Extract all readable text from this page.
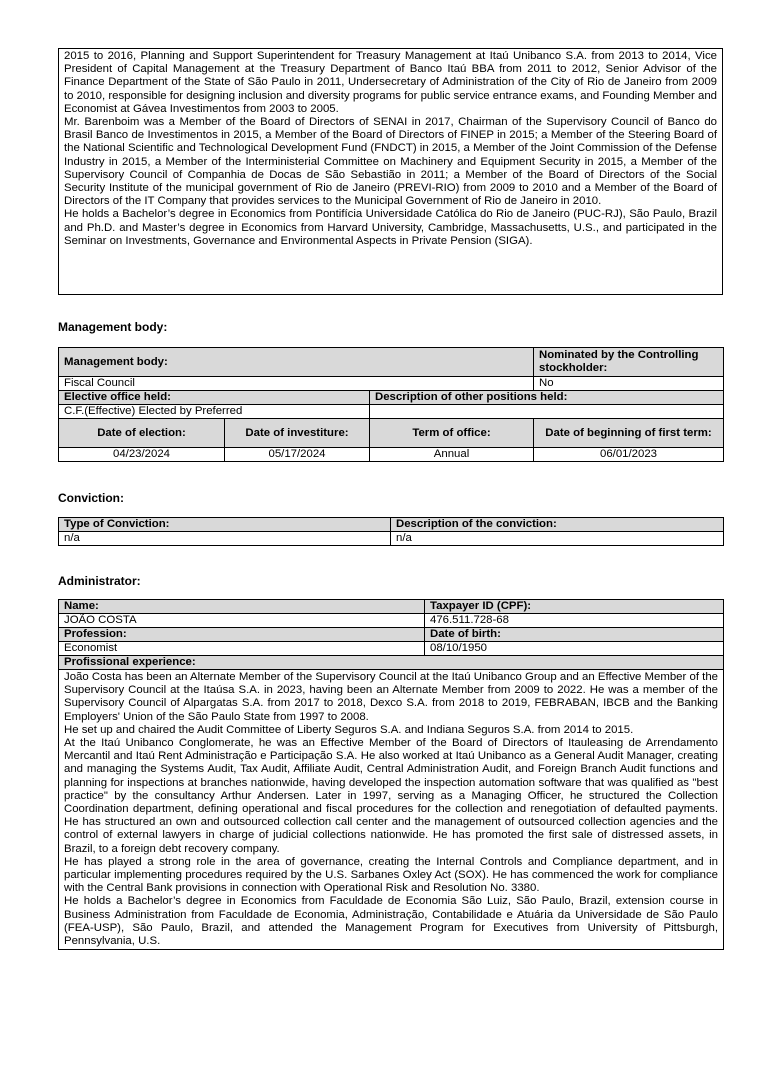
2015 to 2016, Planning and Support Superintendent for Treasury Management at Itaú Unibanco S.A. from 2013 to 2014, Vice President of Capital Management at the Treasury Department of Banco Itaú BBA from 2011 to 2012, Senior Advisor of the Finance Department of the State of São Paulo in 2011, Undersecretary of Administration of the City of Rio de Janeiro from 2009 to 2010, responsible for designing inclusion and diversity programs for public service entrance exams, and Founding Member and Economist at Gávea Investimentos from 2003 to 2005.

Mr. Barenboim was a Member of the Board of Directors of SENAI in 2017, Chairman of the Supervisory Council of Banco do Brasil Banco de Investimentos in 2015, a Member of the Board of Directors of FINEP in 2015; a Member of the Steering Board of the National Scientific and Technological Development Fund (FNDCT) in 2015, a Member of the Joint Commission of the Defense Industry in 2015, a Member of the Interministerial Committee on Machinery and Equipment Security in 2015, a Member of the Supervisory Council of Companhia de Docas de São Sebastião in 2011; a Member of the Board of Directors of the Social Security Institute of the municipal government of Rio de Janeiro (PREVI-RIO) from 2009 to 2010 and a Member of the Board of Directors of the IT Company that provides services to the Municipal Government of Rio de Janeiro in 2010.

He holds a Bachelor’s degree in Economics from Pontifícia Universidade Católica do Rio de Janeiro (PUC-RJ), São Paulo, Brazil and Ph.D. and Master’s degree in Economics from Harvard University, Cambridge, Massachusetts, U.S., and participated in the Seminar on Investments, Governance and Environmental Aspects in Private Pension (SIGA).

Management body:
Management body:			Nominated by the Controlling stockholder:
Fiscal Council			No
Elective office held:		Description of other positions held:	
C.F.(Effective) Elected by Preferred			
Date of election:	Date of investiture:	Term of office:	Date of beginning of first term:
04/23/2024	05/17/2024	Annual	06/01/2023
Conviction:
Type of Conviction:	Description of the conviction:
n/a	n/a
Administrator:
Name:	Taxpayer ID (CPF):
JOÃO COSTA	476.511.728-68
Profession:	Date of birth:
Economist	08/10/1950
Profissional experience:	

João Costa has been an Alternate Member of the Supervisory Council at the Itaú Unibanco Group and an Effective Member of the Supervisory Council at the Itaúsa S.A. in 2023, having been an Alternate Member from 2009 to 2022. He was a member of the Supervisory Council of Alpargatas S.A. from 2017 to 2018, Dexco S.A. from 2018 to 2019, FEBRABAN, IBCB and the Banking Employers' Union of the São Paulo State from 1997 to 2008.

He set up and chaired the Audit Committee of Liberty Seguros S.A. and Indiana Seguros S.A. from 2014 to 2015.

At the Itaú Unibanco Conglomerate, he was an Effective Member of the Board of Directors of Itauleasing de Arrendamento Mercantil and Itaú Rent Administração e Participação S.A. He also worked at Itaú Unibanco as a General Audit Manager, creating and managing the Systems Audit, Tax Audit, Affiliate Audit, Central Administration Audit, and Foreign Branch Audit functions and planning for inspections at branches nationwide, having developed the inspection automation software that was qualified as "best practice" by the consultancy Arthur Andersen. Later in 1997, serving as a Managing Officer, he structured the Collection Coordination department, defining operational and fiscal procedures for the collection and renegotiation of defaulted payments. He has structured an own and outsourced collection call center and the management of outsourced collection agencies and the control of external lawyers in charge of judicial collections nationwide. He has promoted the first sale of distressed assets, in Brazil, to a foreign debt recovery company.

He has played a strong role in the area of governance, creating the Internal Controls and Compliance department, and in particular implementing procedures required by the U.S. Sarbanes Oxley Act (SOX). He has commenced the work for compliance with the Central Bank provisions in connection with Operational Risk and Resolution No. 3380.

He holds a Bachelor’s degree in Economics from Faculdade de Economia São Luiz, São Paulo, Brazil, extension course in Business Administration from Faculdade de Economia, Administração, Contabilidade e Atuária da Universidade de São Paulo (FEA-USP), São Paulo, Brazil, and attended the Management Program for Executives from University of Pittsburgh, Pennsylvania, U.S.	
